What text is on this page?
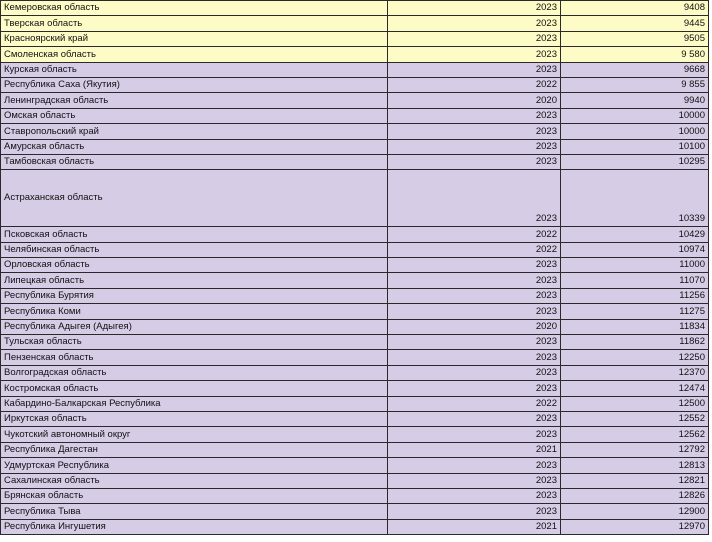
Кемеровская область	2023	9408
Тверская область	2023	9445
Красноярский край	2023	9505
Смоленская область	2023	9 580
Курская область	2023	9668
Республика Саха (Якутия)	2022	9 855
Ленинградская область	2020	9940
Омская область	2023	10000
Ставропольский край	2023	10000
Амурская область	2023	10100
Тамбовская область	2023	10295
Астраханская область	2023	10339
Псковская область	2022	10429
Челябинская область	2022	10974
Орловская область	2023	11000
Липецкая область	2023	11070
Республика Бурятия	2023	11256
Республика Коми	2023	11275
Республика Адыгея (Адыгея)	2020	11834
Тульская область	2023	11862
Пензенская область	2023	12250
Волгоградская область	2023	12370
Костромская область	2023	12474
Кабардино-Балкарская Республика	2022	12500
Иркутская область	2023	12552
Чукотский автономный округ	2023	12562
Республика Дагестан	2021	12792
Удмуртская Республика	2023	12813
Сахалинская область	2023	12821
Брянская область	2023	12826
Республика Тыва	2023	12900
Республика Ингушетия	2021	12970
